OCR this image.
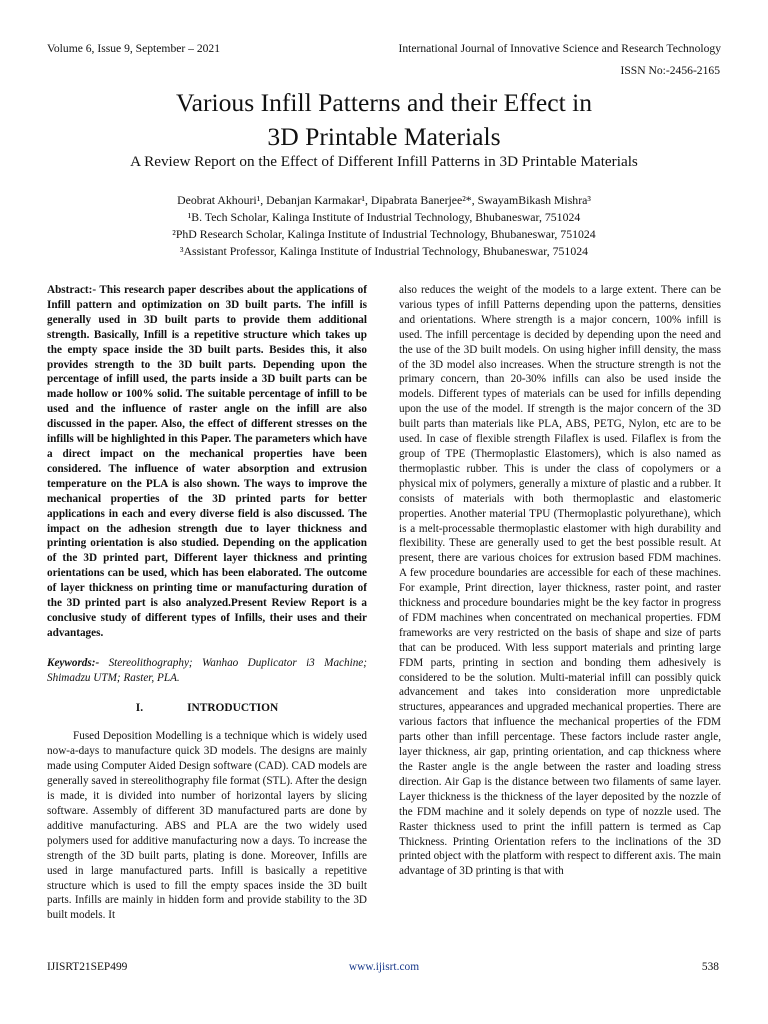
Volume 6, Issue 9, September – 2021	International Journal of Innovative Science and Research Technology
ISSN No:-2456-2165
Various Infill Patterns and their Effect in
3D Printable Materials

A Review Report on the Effect of Different Infill Patterns in 3D Printable Materials

Deobrat Akhouri¹, Debanjan Karmakar¹, Dipabrata Banerjee²*, SwayamBikash Mishra³
¹B. Tech Scholar, Kalinga Institute of Industrial Technology, Bhubaneswar, 751024
²PhD Research Scholar, Kalinga Institute of Industrial Technology, Bhubaneswar, 751024
³Assistant Professor, Kalinga Institute of Industrial Technology, Bhubaneswar, 751024

Abstract:- This research paper describes about the applications of Infill pattern and optimization on 3D built parts. The infill is generally used in 3D built parts to provide them additional strength. Basically, Infill is a repetitive structure which takes up the empty space inside the 3D built parts. Besides this, it also provides strength to the 3D built parts. Depending upon the percentage of infill used, the parts inside a 3D built parts can be made hollow or 100% solid. The suitable percentage of infill to be used and the influence of raster angle on the infill are also discussed in the paper. Also, the effect of different stresses on the infills will be highlighted in this Paper. The parameters which have a direct impact on the mechanical properties have been considered. The influence of water absorption and extrusion temperature on the PLA is also shown. The ways to improve the mechanical properties of the 3D printed parts for better applications in each and every diverse field is also discussed. The impact on the adhesion strength due to layer thickness and printing orientation is also studied. Depending on the application of the 3D printed part, Different layer thickness and printing orientations can be used, which has been elaborated. The outcome of layer thickness on printing time or manufacturing duration of the 3D printed part is also analyzed.Present Review Report is a conclusive study of different types of Infills, their uses and their advantages.

Keywords:- Stereolithography; Wanhao Duplicator i3 Machine; Shimadzu UTM; Raster, PLA.

I.	INTRODUCTION

Fused Deposition Modelling is a technique which is widely used now-a-days to manufacture quick 3D models. The designs are mainly made using Computer Aided Design software (CAD). CAD models are generally saved in stereolithography file format (STL). After the design is made, it is divided into number of horizontal layers by slicing software. Assembly of different 3D manufactured parts are done by additive manufacturing. ABS and PLA are the two widely used polymers used for additive manufacturing now a days. To increase the strength of the 3D built parts, plating is done. Moreover, Infills are used in large manufactured parts. Infill is basically a repetitive structure which is used to fill the empty spaces inside the 3D built parts. Infills are mainly in hidden form and provide stability to the 3D built models. It

also reduces the weight of the models to a large extent. There can be various types of infill Patterns depending upon the patterns, densities and orientations. Where strength is a major concern, 100% infill is used. The infill percentage is decided by depending upon the need and the use of the 3D built models. On using higher infill density, the mass of the 3D model also increases. When the structure strength is not the primary concern, than 20-30% infills can also be used inside the models. Different types of materials can be used for infills depending upon the use of the model. If strength is the major concern of the 3D built parts than materials like PLA, ABS, PETG, Nylon, etc are to be used. In case of flexible strength Filaflex is used. Filaflex is from the group of TPE (Thermoplastic Elastomers), which is also named as thermoplastic rubber. This is under the class of copolymers or a physical mix of polymers, generally a mixture of plastic and a rubber. It consists of materials with both thermoplastic and elastomeric properties. Another material TPU (Thermoplastic polyurethane), which is a melt-processable thermoplastic elastomer with high durability and flexibility. These are generally used to get the best possible result. At present, there are various choices for extrusion based FDM machines. A few procedure boundaries are accessible for each of these machines. For example, Print direction, layer thickness, raster point, and raster thickness and procedure boundaries might be the key factor in progress of FDM machines when concentrated on mechanical properties. FDM frameworks are very restricted on the basis of shape and size of parts that can be produced. With less support materials and printing large FDM parts, printing in section and bonding them adhesively is considered to be the solution. Multi-material infill can possibly quick advancement and takes into consideration more unpredictable structures, appearances and upgraded mechanical properties. There are various factors that influence the mechanical properties of the FDM parts other than infill percentage. These factors include raster angle, layer thickness, air gap, printing orientation, and cap thickness where the Raster angle is the angle between the raster and loading stress direction. Air Gap is the distance between two filaments of same layer. Layer thickness is the thickness of the layer deposited by the nozzle of the FDM machine and it solely depends on type of nozzle used. The Raster thickness used to print the infill pattern is termed as Cap Thickness. Printing Orientation refers to the inclinations of the 3D printed object with the platform with respect to different axis. The main advantage of 3D printing is that with

IJISRT21SEP499	www.ijisrt.com	538
